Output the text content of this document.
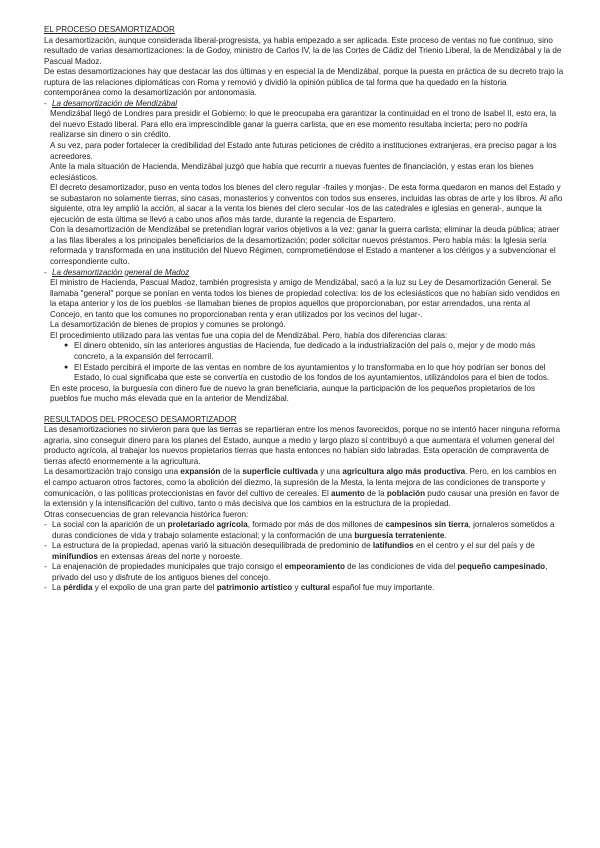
EL PROCESO DESAMORTIZADOR

La desamortización, aunque considerada liberal-progresista, ya había empezado a ser aplicada. Este proceso de ventas no fue continuo, sino resultado de varias desamortizaciones: la de Godoy, ministro de Carlos IV, la de las Cortes de Cádiz del Trienio Liberal, la de Mendizábal y la de Pascual Madoz.

De estas desamortizaciones hay que destacar las dos últimas y en especial la de Mendizábal, porque la puesta en práctica de su decreto trajo la ruptura de las relaciones diplomáticas con Roma y removió y dividió la opinión pública de tal forma que ha quedado en la historia contemporánea como la desamortización por antonomasia.

- La desamortización de Mendizábal

Mendizábal llegó de Londres para presidir el Gobierno; lo que le preocupaba era garantizar la continuidad en el trono de Isabel II, esto era, la del nuevo Estado liberal. Para ello era imprescindible ganar la guerra carlista, que en ese momento resultaba incierta; pero no podría realizarse sin dinero o sin crédito.

A su vez, para poder fortalecer la credibilidad del Estado ante futuras peticiones de crédito a instituciones extranjeras, era preciso pagar a los acreedores.

Ante la mala situación de Hacienda, Mendizábal juzgó que había que recurrir a nuevas fuentes de financiación, y estas eran los bienes eclesiásticos.

El decreto desamortizador, puso en venta todos los bienes del clero regular -frailes y monjas-. De esta forma quedaron en manos del Estado y se subastaron no solamente tierras, sino casas, monasterios y conventos con todos sus enseres, incluidas las obras de arte y los libros. Al año siguiente, otra ley amplió la acción, al sacar a la venta los bienes del clero secular -los de las catedrales e iglesias en general-, aunque la ejecución de esta última se llevó a cabo unos años más tarde, durante la regencia de Espartero.

Con la desamortización de Mendizábal se pretendían lograr varios objetivos a la vez: ganar la guerra carlista; eliminar la deuda pública; atraer a las filas liberales a los principales beneficiarios de la desamortización; poder solicitar nuevos préstamos. Pero había más: la Iglesia sería reformada y transformada en una institución del Nuevo Régimen, comprometiéndose el Estado a mantener a los clérigos y a subvencionar el correspondiente culto.

- La desamortización general de Madoz

El ministro de Hacienda, Pascual Madoz, también progresista y amigo de Mendizábal, sacó a la luz su Ley de Desamortización General. Se llamaba "general" porque se ponían en venta todos los bienes de propiedad colectiva: los de los eclesiásticos que no habían sido vendidos en la etapa anterior y los de los pueblos -se llamaban bienes de propios aquellos que proporcionaban, por estar arrendados, una renta al Concejo, en tanto que los comunes no proporcionaban renta y eran utilizados por los vecinos del lugar-.

La desamortización de bienes de propios y comunes se prolongó.

El procedimiento utilizado para las ventas fue una copia del de Mendizábal. Pero, había dos diferencias claras:

● El dinero obtenido, sin las anteriores angustias de Hacienda, fue dedicado a la industrialización del país o, mejor y de modo más concreto, a la expansión del ferrocarril.
● El Estado percibirá el importe de las ventas en nombre de los ayuntamientos y lo transformaba en lo que hoy podrían ser bonos del Estado, lo cual significaba que este se convertía en custodio de los fondos de los ayuntamientos, utilizándolos para el bien de todos.

En este proceso, la burguesía con dinero fue de nuevo la gran beneficiaria, aunque la participación de los pequeños propietarios de los pueblos fue mucho más elevada que en la anterior de Mendizábal.

RESULTADOS DEL PROCESO DESAMORTIZADOR

Las desamortizaciones no sirvieron para que las tierras se repartieran entre los menos favorecidos, porque no se intentó hacer ninguna reforma agraria, sino conseguir dinero para los planes del Estado, aunque a medio y largo plazo sí contribuyó a que aumentara el volumen general del producto agrícola, al trabajar los nuevos propietarios tierras que hasta entonces no habían sido labradas. Esta operación de compraventa de tierras afectó enormemente a la agricultura.

La desamortización trajo consigo una expansión de la superficie cultivada y una agricultura algo más productiva. Pero, en los cambios en el campo actuaron otros factores, como la abolición del diezmo, la supresión de la Mesta, la lenta mejora de las condiciones de transporte y comunicación, o las políticas proteccionistas en favor del cultivo de cereales. El aumento de la población pudo causar una presión en favor de la extensión y la intensificación del cultivo, tanto o más decisiva que los cambios en la estructura de la propiedad.

Otras consecuencias de gran relevancia histórica fueron:

- La social con la aparición de un proletariado agrícola, formado por más de dos millones de campesinos sin tierra, jornaleros sometidos a duras condiciones de vida y trabajo solamente estacional; y la conformación de una burguesía terrateniente.
- La estructura de la propiedad, apenas varió la situación desequilibrada de predominio de latifundios en el centro y el sur del país y de minifundios en extensas áreas del norte y noroeste.
- La enajenación de propiedades municipales que trajo consigo el empeoramiento de las condiciones de vida del pequeño campesinado, privado del uso y disfrute de los antiguos bienes del concejo.
- La pérdida y el expolio de una gran parte del patrimonio artístico y cultural español fue muy importante.
